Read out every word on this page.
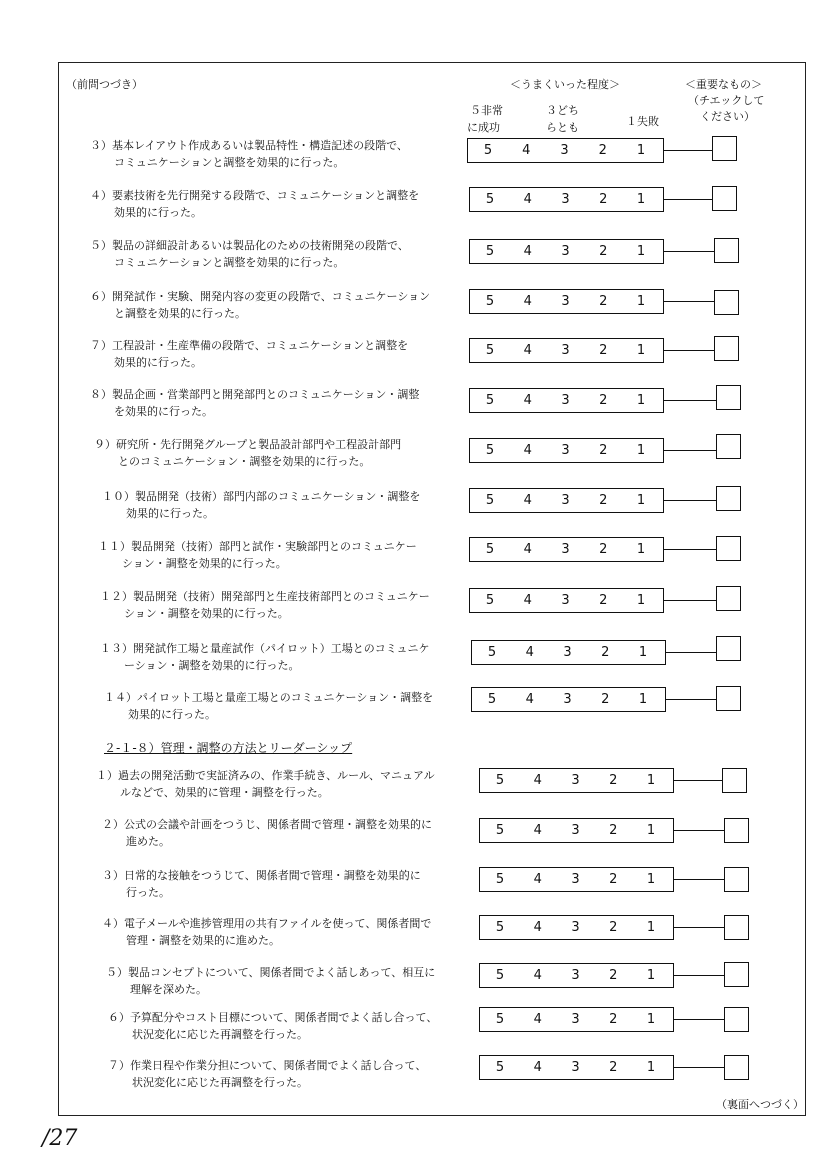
（前問つづき）	＜うまくいった程度＞	＜重要なもの＞
（チエックして
ください）
５非常
に成功
３どち
らとも	１失敗
３）基本レイアウト作成あるいは製品特性・構造記述の段階で、
コミュニケーションと調整を効果的に行った。
5 4 3 2 1
４）要素技術を先行開発する段階で、コミュニケーションと調整を
効果的に行った。
5 4 3 2 1
５）製品の詳細設計あるいは製品化のための技術開発の段階で、
コミュニケーションと調整を効果的に行った。
5 4 3 2 1
６）開発試作・実験、開発内容の変更の段階で、コミュニケーション
と調整を効果的に行った。
5 4 3 2 1
７）工程設計・生産準備の段階で、コミュニケーションと調整を
効果的に行った。
5 4 3 2 1
８）製品企画・営業部門と開発部門とのコミュニケーション・調整
を効果的に行った。
5 4 3 2 1
９）研究所・先行開発グループと製品設計部門や工程設計部門
とのコミュニケーション・調整を効果的に行った。
5 4 3 2 1
１０）製品開発（技術）部門内部のコミュニケーション・調整を
効果的に行った。
5 4 3 2 1
１１）製品開発（技術）部門と試作・実験部門とのコミュニケー
ション・調整を効果的に行った。
5 4 3 2 1
１２）製品開発（技術）開発部門と生産技術部門とのコミュニケー
ション・調整を効果的に行った。
5 4 3 2 1
１３）開発試作工場と量産試作（パイロット）工場とのコミュニケ
ーション・調整を効果的に行った。
5 4 3 2 1
１４）パイロット工場と量産工場とのコミュニケーション・調整を
効果的に行った。
5 4 3 2 1
１）過去の開発活動で実証済みの、作業手続き、ルール、マニュアル
ルなどで、効果的に管理・調整を行った。
5 4 3 2 1
２）公式の会議や計画をつうじ、関係者間で管理・調整を効果的に
進めた。
5 4 3 2 1
３）日常的な接触をつうじて、関係者間で管理・調整を効果的に
行った。
5 4 3 2 1
４）電子メールや進捗管理用の共有ファイルを使って、関係者間で
管理・調整を効果的に進めた。
5 4 3 2 1
５）製品コンセプトについて、関係者間でよく話しあって、相互に
理解を深めた。
5 4 3 2 1
６）予算配分やコスト目標について、関係者間でよく話し合って、
状況変化に応じた再調整を行った。
5 4 3 2 1
７）作業日程や作業分担について、関係者間でよく話し合って、
状況変化に応じた再調整を行った。
5 4 3 2 1
２-１-８）管理・調整の方法とリーダーシップ
（裏面へつづく）
/27
